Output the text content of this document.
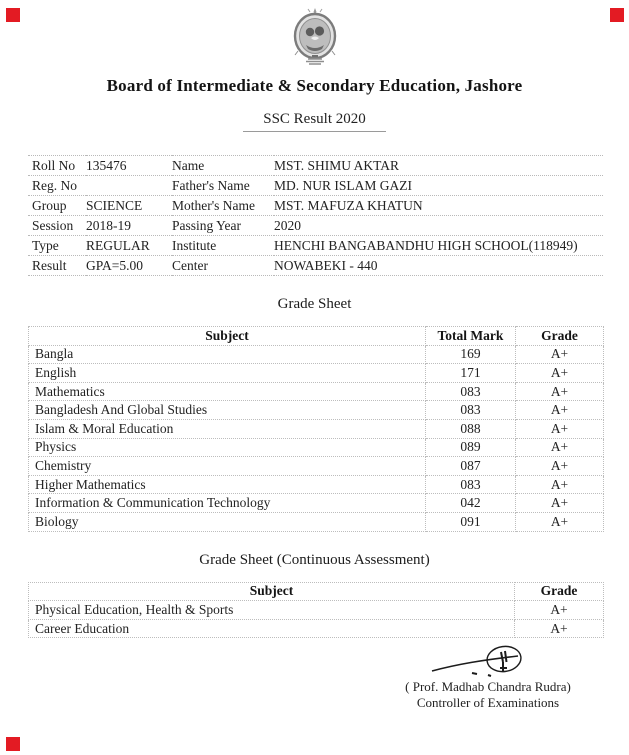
Board of Intermediate & Secondary Education, Jashore
SSC Result 2020
Roll No	135476	Name	MST. SHIMU AKTAR
Reg. No		Father's Name	MD. NUR ISLAM GAZI
Group	SCIENCE	Mother's Name	MST. MAFUZA KHATUN
Session	2018-19	Passing Year	2020
Type	REGULAR	Institute	HENCHI BANGABANDHU HIGH SCHOOL(118949)
Result	GPA=5.00	Center	NOWABEKI - 440
Grade Sheet
Subject	Total Mark	Grade
Bangla	169	A+
English	171	A+
Mathematics	083	A+
Bangladesh And Global Studies	083	A+
Islam & Moral Education	088	A+
Physics	089	A+
Chemistry	087	A+
Higher Mathematics	083	A+
Information & Communication Technology	042	A+
Biology	091	A+
Grade Sheet (Continuous Assessment)
Subject	Grade
Physical Education, Health & Sports	A+
Career Education	A+
( Prof. Madhab Chandra Rudra)
Controller of Examinations
